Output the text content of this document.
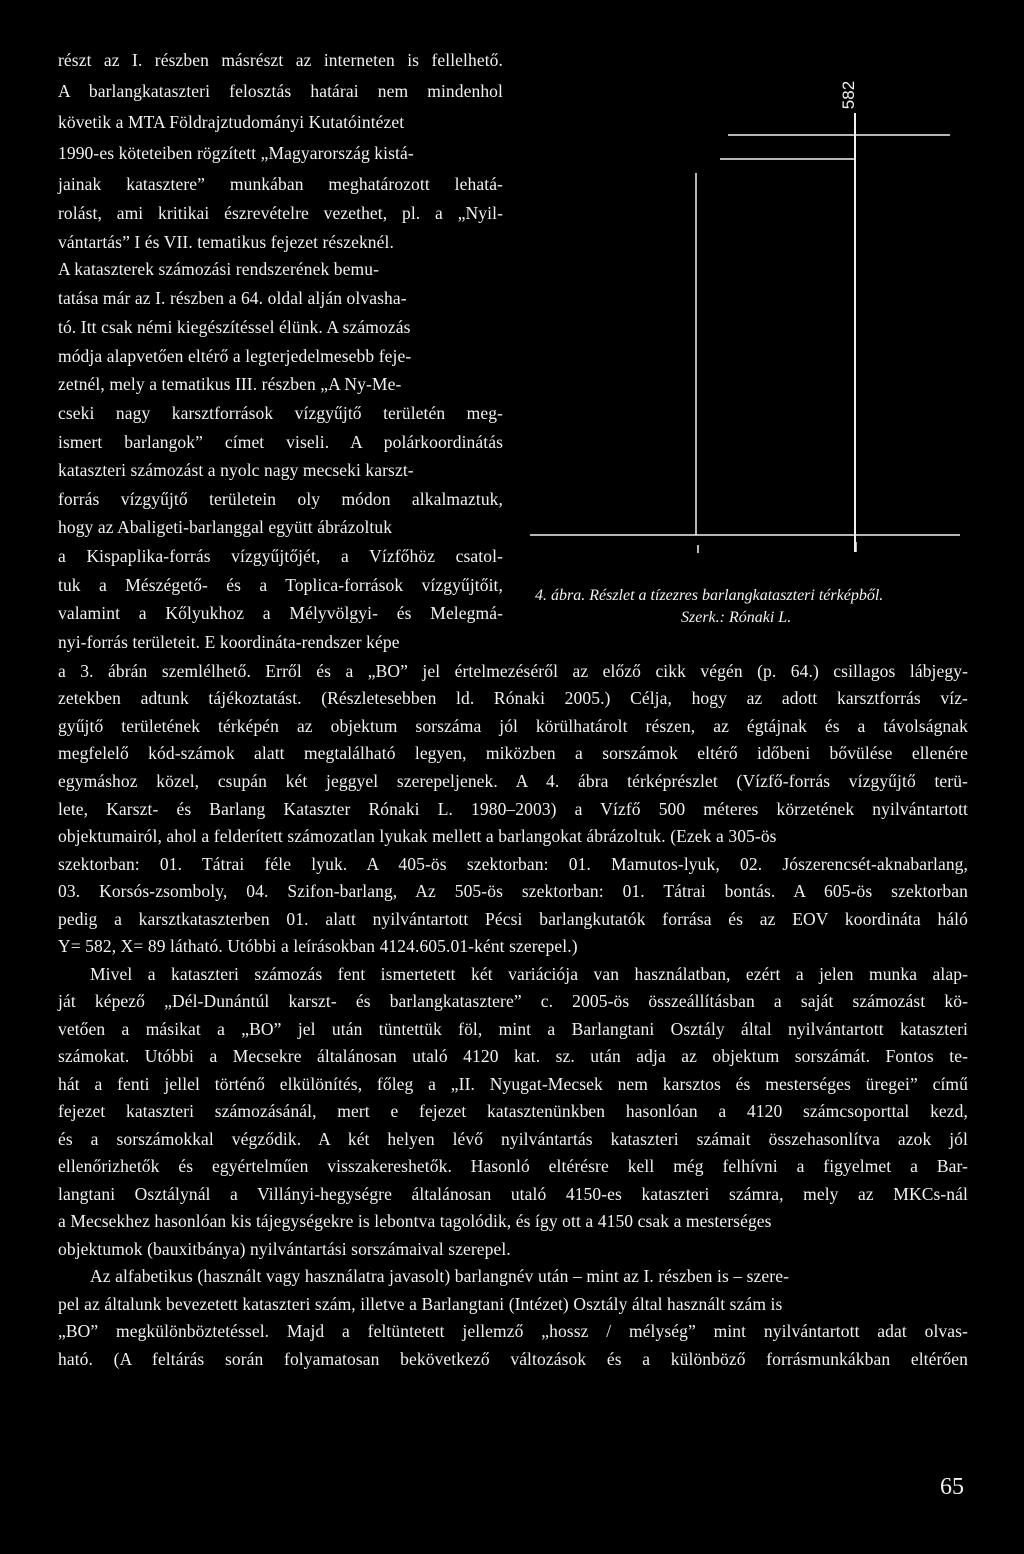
részt az I. részben másrészt az interneten is fellelhető.

A barlangkataszteri felosztás határai nem mindenhol

követik a MTA Földrajztudományi Kutatóintézet

1990-es köteteiben rögzített „Magyarország kistá-

jainak katasztere” munkában meghatározott lehatá-

rolást, ami kritikai észrevételre vezethet, pl. a „Nyil-

vántartás” I és VII. tematikus fejezet részeknél.

A kataszterek számozási rendszerének bemu-

tatása már az I. részben a 64. oldal alján olvasha-

tó. Itt csak némi kiegészítéssel élünk. A számozás

módja alapvetően eltérő a legterjedelmesebb feje-

zetnél, mely a tematikus III. részben „A Ny-Me-

cseki nagy karsztforrások vízgyűjtő területén meg-

ismert barlangok” címet viseli. A polárkoordinátás

kataszteri számozást a nyolc nagy mecseki karszt-

forrás vízgyűjtő területein oly módon alkalmaztuk,

hogy az Abaligeti-barlanggal együtt ábrázoltuk

a Kispaplika-forrás vízgyűjtőjét, a Vízfőhöz csatol-

tuk a Mészégető- és a Toplica-források vízgyűjtőit,

valamint a Kőlyukhoz a Mélyvölgyi- és Melegmá-

nyi-forrás területeit. E koordináta-rendszer képe

582
4. ábra. Részlet a tízezres barlangkataszteri térképből.
Szerk.: Rónaki L.

a 3. ábrán szemlélhető. Erről és a „BO” jel értelmezéséről az előző cikk végén (p. 64.) csillagos lábjegy-

zetekben adtunk tájékoztatást. (Részletesebben ld. Rónaki 2005.) Célja, hogy az adott karsztforrás víz-

gyűjtő területének térképén az objektum sorszáma jól körülhatárolt részen, az égtájnak és a távolságnak

megfelelő kód-számok alatt megtalálható legyen, miközben a sorszámok eltérő időbeni bővülése ellenére

egymáshoz közel, csupán két jeggyel szerepeljenek. A 4. ábra térképrészlet (Vízfő-forrás vízgyűjtő terü-

lete, Karszt- és Barlang Kataszter Rónaki L. 1980–2003) a Vízfő 500 méteres körzetének nyilvántartott

objektumairól, ahol a felderített számozatlan lyukak mellett a barlangokat ábrázoltuk. (Ezek a 305-ös

szektorban: 01. Tátrai féle lyuk. A 405-ös szektorban: 01. Mamutos-lyuk, 02. Jószerencsét-aknabarlang,

03. Korsós-zsomboly, 04. Szifon-barlang, Az 505-ös szektorban: 01. Tátrai bontás. A 605-ös szektorban

pedig a karsztkataszterben 01. alatt nyilvántartott Pécsi barlangkutatók forrása és az EOV koordináta háló

Y= 582, X= 89 látható. Utóbbi a leírásokban 4124.605.01-ként szerepel.)

Mivel a kataszteri számozás fent ismertetett két variációja van használatban, ezért a jelen munka alap-

ját képező „Dél-Dunántúl karszt- és barlangkatasztere” c. 2005-ös összeállításban a saját számozást kö-

vetően a másikat a „BO” jel után tüntettük föl, mint a Barlangtani Osztály által nyilvántartott kataszteri

számokat. Utóbbi a Mecsekre általánosan utaló 4120 kat. sz. után adja az objektum sorszámát. Fontos te-

hát a fenti jellel történő elkülönítés, főleg a „II. Nyugat-Mecsek nem karsztos és mesterséges üregei” című

fejezet kataszteri számozásánál, mert e fejezet katasztenünkben hasonlóan a 4120 számcsoporttal kezd,

és a sorszámokkal végződik. A két helyen lévő nyilvántartás kataszteri számait összehasonlítva azok jól

ellenőrizhetők és egyértelműen visszakereshetők. Hasonló eltérésre kell még felhívni a figyelmet a Bar-

langtani Osztálynál a Villányi-hegységre általánosan utaló 4150-es kataszteri számra, mely az MKCs-nál

a Mecsekhez hasonlóan kis tájegységekre is lebontva tagolódik, és így ott a 4150 csak a mesterséges

objektumok (bauxitbánya) nyilvántartási sorszámaival szerepel.

Az alfabetikus (használt vagy használatra javasolt) barlangnév után – mint az I. részben is – szere-

pel az általunk bevezetett kataszteri szám, illetve a Barlangtani (Intézet) Osztály által használt szám is

„BO” megkülönböztetéssel. Majd a feltüntetett jellemző „hossz / mélység” mint nyilvántartott adat olvas-

ható. (A feltárás során folyamatosan bekövetkező változások és a különböző forrásmunkákban eltérően

65
